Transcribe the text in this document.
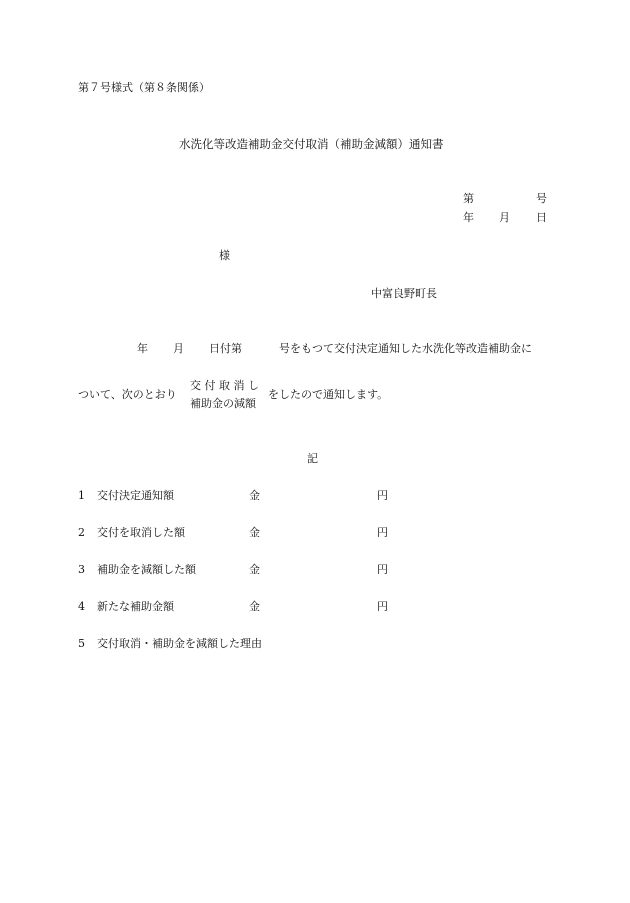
第７号様式（第８条関係）
水洗化等改造補助金交付取消（補助金減額）通知書
第	号
年 月 日
様
中富良野町長
年 月 日付第	号をもつて交付決定通知した水洗化等改造補助金に
ついて、次のとおり
交 付 取 消 し
補助金の減額
をしたので通知します。
記
1 交付決定通知額	金	円
2 交付を取消した額	金	円
3 補助金を減額した額	金	円
4 新たな補助金額	金	円
5 交付取消・補助金を減額した理由
